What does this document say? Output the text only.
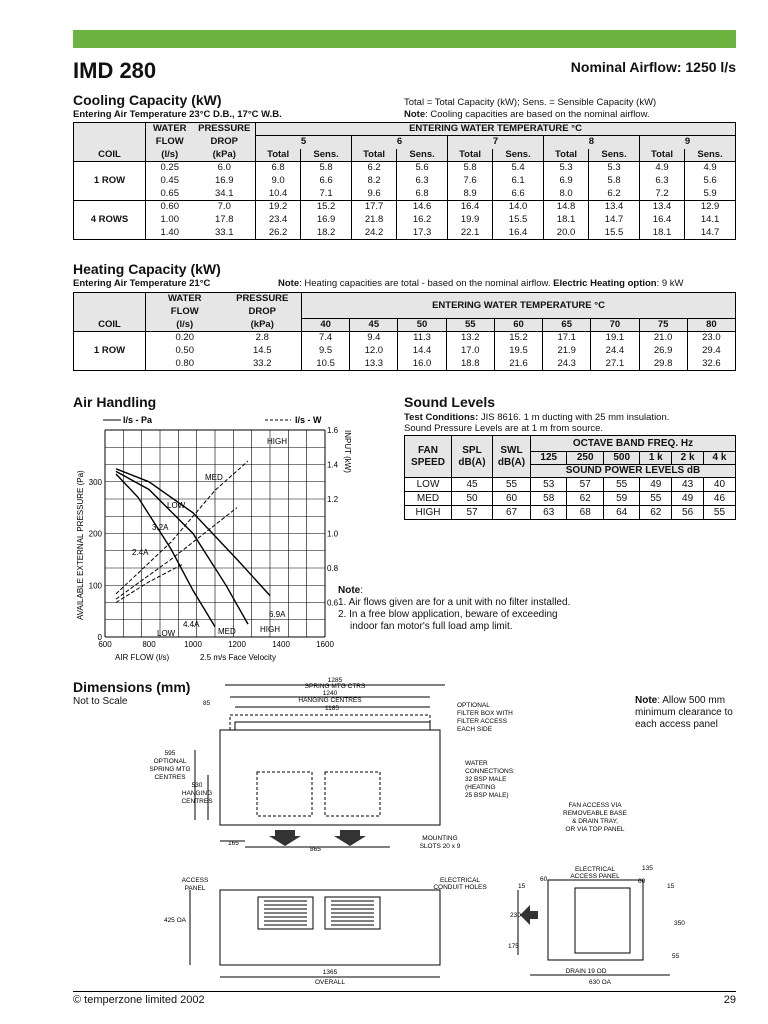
IMD 280	Nominal Airflow: 1250 l/s
Cooling Capacity (kW)
Entering Air Temperature 23°C D.B., 17°C W.B.
Total = Total Capacity (kW); Sens. = Sensible Capacity (kW)
Note: Cooling capacities are based on the nominal airflow.
COIL	WATER	PRESSURE	ENTERING WATER TEMPERATURE °C									
	FLOW	DROP	5		6		7		8		9	
	(l/s)	(kPa)	Total	Sens.	Total	Sens.	Total	Sens.	Total	Sens.	Total	Sens.
1 ROW	0.25	6.0	6.8	5.8	6.2	5.6	5.8	5.4	5.3	5.3	4.9	4.9
	0.45	16.9	9.0	6.6	8.2	6.3	7.6	6.1	6.9	5.8	6.3	5.6
	0.65	34.1	10.4	7.1	9.6	6.8	8.9	6.6	8.0	6.2	7.2	5.9
4 ROWS	0.60	7.0	19.2	15.2	17.7	14.6	16.4	14.0	14.8	13.4	13.4	12.9
	1.00	17.8	23.4	16.9	21.8	16.2	19.9	15.5	18.1	14.7	16.4	14.1
	1.40	33.1	26.2	18.2	24.2	17.3	22.1	16.4	20.0	15.5	18.1	14.7
Heating Capacity (kW)
Entering Air Temperature 21°C	Note: Heating capacities are total - based on the nominal airflow. Electric Heating option: 9 kW
COIL	WATER	PRESSURE	ENTERING WATER TEMPERATURE °C								
	FLOW	DROP									
	(l/s)	(kPa)	40	45	50	55	60	65	70	75	80
1 ROW	0.20	2.8	7.4	9.4	11.3	13.2	15.2	17.1	19.1	21.0	23.0
	0.50	14.5	9.5	12.0	14.4	17.0	19.5	21.9	24.4	26.9	29.4
	0.80	33.2	10.5	13.3	16.0	18.8	21.6	24.3	27.1	29.8	32.6
Air Handling
l/s - Pa	l/s - W
600	800	1000	1200	1400	1600
0
100
200
300
0.6
0.8
1.0
1.2
1.4
1.6
AVAILABLE EXTERNAL PRESSURE (Pa)
INPUT (kW)
AIR FLOW (l/s)	2.5 m/s Face Velocity
HIGH
MED
LOW
3.2A
2.4A
4.4A
6.9A
LOW	MED	HIGH
Sound Levels
Test Conditions: JIS 8616. 1 m ducting with 25 mm insulation.
Sound Pressure Levels are at 1 m from source.
FAN
SPEED	SPL
dB(A)	SWL
dB(A)	OCTAVE BAND FREQ. Hz					
			125	250	500	1 k	2 k	4 k
			SOUND POWER LEVELS dB					
LOW	45	55	53	57	55	49	43	40
MED	50	60	58	62	59	55	49	46
HIGH	57	67	63	68	64	62	56	55
Note:
1. Air flows given are for a unit with no filter installed.
2. In a free blow application, beware of exceeding
indoor fan motor's full load amp limit.
Dimensions (mm)
Not to Scale	Note: Allow 500 mm minimum clearance to each access panel
1285
SPRING MTG CTRS
1240
HANGING CENTRES
1185
85	OPTIONAL
FILTER BOX WITH
FILTER ACCESS
EACH SIDE
595
OPTIONAL
SPRING MTG
CENTRES
530
HANGING
CENTRES
WATER
CONNECTIONS:
32 BSP MALE
(HEATING
25 BSP MALE)
FAN ACCESS VIA
REMOVEABLE BASE
& DRAIN TRAY,
OR VIA TOP PANEL
165
865
MOUNTING
SLOTS 20 x 9
ACCESS
PANEL
ELECTRICAL
CONDUIT HOLES
425 OA
1365
OVERALL
ELECTRICAL
ACCESS PANEL
135
60	60
15	15
230
175
350
55
DRAIN 19 OD
630 OA
© temperzone limited 2002	29
